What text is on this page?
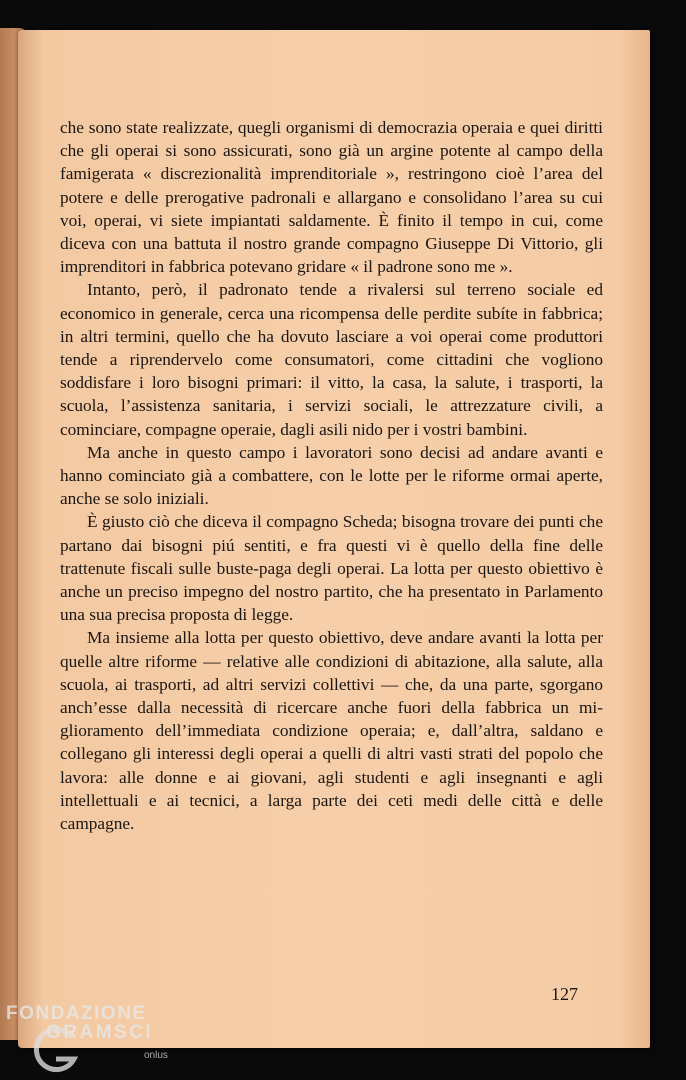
che sono state realizzate, quegli organismi di democrazia operaia e quei diritti che gli operai si sono assicurati, sono già un argine potente al campo della famigerata « discrezionalità imprenditoriale », restringono cioè l’area del potere e delle prerogative padronali e allargano e consolidano l’area su cui voi, operai, vi siete impiantati saldamente. È finito il tempo in cui, come diceva con una battuta il nostro grande compagno Giuseppe Di Vittorio, gli imprenditori in fabbrica potevano gridare « il padrone sono me ».

Intanto, però, il padronato tende a rivalersi sul terreno sociale ed economico in generale, cerca una ricompensa delle perdite subíte in fabbrica; in altri termini, quello che ha dovuto lasciare a voi operai come produttori tende a riprendervelo come consumatori, come cittadini che vogliono soddisfare i loro bisogni primari: il vitto, la casa, la salute, i trasporti, la scuola, l’assistenza sanitaria, i servizi sociali, le attrezzature civili, a cominciare, compagne operaie, dagli asili nido per i vostri bambini.

Ma anche in questo campo i lavoratori sono decisi ad andare avanti e hanno cominciato già a combattere, con le lotte per le riforme ormai aperte, anche se solo iniziali.

È giusto ciò che diceva il compagno Scheda; bisogna trovare dei punti che partano dai bisogni piú sentiti, e fra questi vi è quello della fine delle trattenute fiscali sulle buste-paga degli operai. La lotta per questo obiettivo è anche un preciso impegno del nostro partito, che ha presentato in Parlamento una sua precisa proposta di legge.

Ma insieme alla lotta per questo obiettivo, deve andare avanti la lotta per quelle altre riforme — relative alle condizioni di abitazione, alla salute, alla scuola, ai trasporti, ad altri servizi collettivi — che, da una parte, sgorgano anch’esse dalla necessità di ricercare anche fuori della fabbrica un miglioramento dell’immediata condizione operaia; e, dall’altra, saldano e collegano gli interessi degli operai a quelli di altri vasti strati del popolo che lavora: alle donne e ai giovani, agli studenti e agli insegnanti e agli intellettuali e ai tecnici, a larga parte dei ceti medi delle città e delle campagne.

127
FONDAZIONE
GRAMSCI
onlus
